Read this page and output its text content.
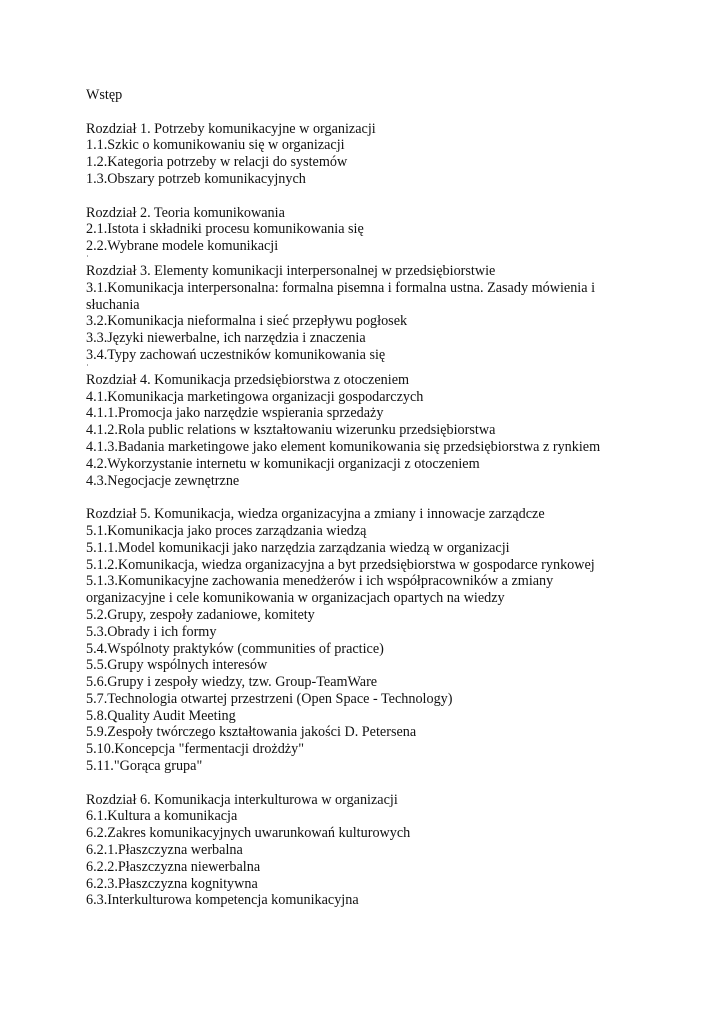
Wstęp
Rozdział 1. Potrzeby komunikacyjne w organizacji
1.1.Szkic o komunikowaniu się w organizacji
1.2.Kategoria potrzeby w relacji do systemów
1.3.Obszary potrzeb komunikacyjnych
Rozdział 2. Teoria komunikowania
2.1.Istota i składniki procesu komunikowania się
2.2.Wybrane modele komunikacji
˙
Rozdział 3. Elementy komunikacji interpersonalnej w przedsiębiorstwie
3.1.Komunikacja interpersonalna: formalna pisemna i formalna ustna. Zasady mówienia i słuchania
3.2.Komunikacja nieformalna i sieć przepływu pogłosek
3.3.Języki niewerbalne, ich narzędzia i znaczenia
3.4.Typy zachowań uczestników komunikowania się
˙
Rozdział 4. Komunikacja przedsiębiorstwa z otoczeniem
4.1.Komunikacja marketingowa organizacji gospodarczych
4.1.1.Promocja jako narzędzie wspierania sprzedaży
4.1.2.Rola public relations w kształtowaniu wizerunku przedsiębiorstwa
4.1.3.Badania marketingowe jako element komunikowania się przedsiębiorstwa z rynkiem
4.2.Wykorzystanie internetu w komunikacji organizacji z otoczeniem
4.3.Negocjacje zewnętrzne
Rozdział 5. Komunikacja, wiedza organizacyjna a zmiany i innowacje zarządcze
5.1.Komunikacja jako proces zarządzania wiedzą
5.1.1.Model komunikacji jako narzędzia zarządzania wiedzą w organizacji
5.1.2.Komunikacja, wiedza organizacyjna a byt przedsiębiorstwa w gospodarce rynkowej
5.1.3.Komunikacyjne zachowania menedżerów i ich współpracowników a zmiany organizacyjne i cele komunikowania w organizacjach opartych na wiedzy
5.2.Grupy, zespoły zadaniowe, komitety
5.3.Obrady i ich formy
5.4.Wspólnoty praktyków (communities of practice)
5.5.Grupy wspólnych interesów
5.6.Grupy i zespoły wiedzy, tzw. Group-TeamWare
5.7.Technologia otwartej przestrzeni (Open Space - Technology)
5.8.Quality Audit Meeting
5.9.Zespoły twórczego kształtowania jakości D. Petersena
5.10.Koncepcja "fermentacji drożdży"
5.11."Gorąca grupa"
Rozdział 6. Komunikacja interkulturowa w organizacji
6.1.Kultura a komunikacja
6.2.Zakres komunikacyjnych uwarunkowań kulturowych
6.2.1.Płaszczyzna werbalna
6.2.2.Płaszczyzna niewerbalna
6.2.3.Płaszczyzna kognitywna
6.3.Interkulturowa kompetencja komunikacyjna
